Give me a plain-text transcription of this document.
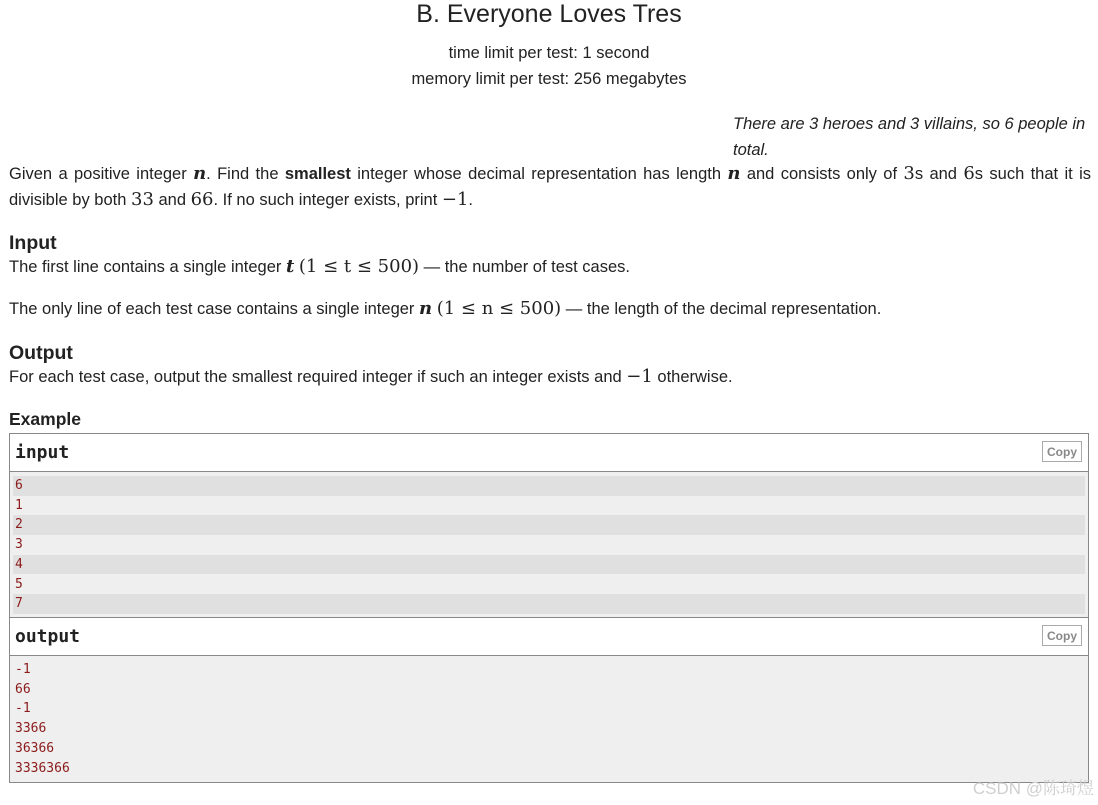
B. Everyone Loves Tres
time limit per test: 1 second
memory limit per test: 256 megabytes
There are 3 heroes and 3 villains, so 6 people in total.
Given a positive integer n. Find the smallest integer whose decimal representation has length n and consists only of 3s and 6s such that it is divisible by both 33 and 66. If no such integer exists, print −1.
Input
The first line contains a single integer t (1 ≤ t ≤ 500) — the number of test cases.
The only line of each test case contains a single integer n (1 ≤ n ≤ 500) — the length of the decimal representation.
Output
For each test case, output the smallest required integer if such an integer exists and −1 otherwise.
Example
input	Copy
6
1
2
3
4
5
7
output	Copy
-1
66
-1
3366
36366
3336366
CSDN @陈琦煜
